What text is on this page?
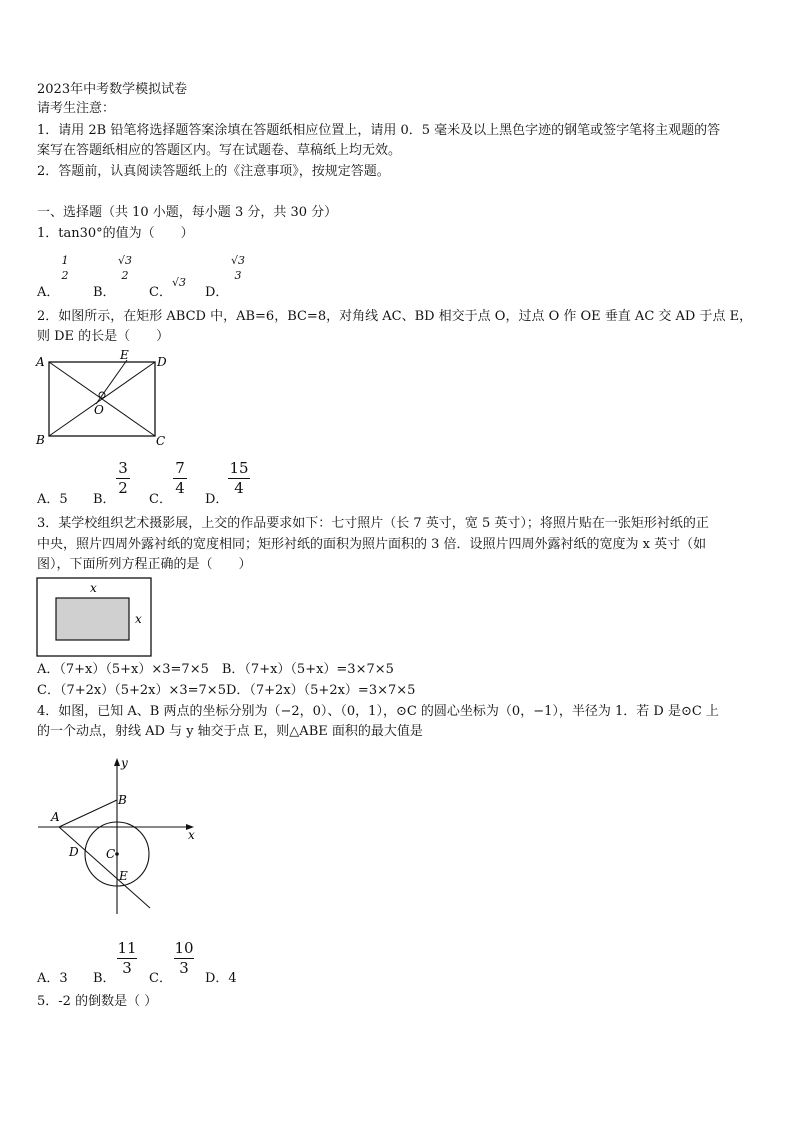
2023年中考数学模拟试卷
请考生注意：
1．请用 2B 铅笔将选择题答案涂填在答题纸相应位置上，请用 0．5 毫米及以上黑色字迹的钢笔或签字笔将主观题的答
案写在答题纸相应的答题区内。写在试题卷、草稿纸上均无效。
2．答题前，认真阅读答题纸上的《注意事项》，按规定答题。
一、选择题（共 10 小题，每小题 3 分，共 30 分）
1．tan30°的值为（　　）
A．
1
2
B．
√3
2
C．
√3
D．
√3
3
2．如图所示，在矩形 ABCD 中，AB=6，BC=8，对角线 AC、BD 相交于点 O，过点 O 作 OE 垂直 AC 交 AD 于点 E，
则 DE 的长是（　　）
A	E D
O
B	C
A．5 B．
3
2
C．
7
4
D．
15
4
3．某学校组织艺术摄影展，上交的作品要求如下：七寸照片（长 7 英寸，宽 5 英寸）；将照片贴在一张矩形衬纸的正
中央，照片四周外露衬纸的宽度相同；矩形衬纸的面积为照片面积的 3 倍．设照片四周外露衬纸的宽度为 x 英寸（如
图），下面所列方程正确的是（　　）
x
x
A．（7+x）（5+x）×3=7×5　B．（7+x）（5+x）=3×7×5
C．（7+2x）（5+2x）×3=7×5D．（7+2x）（5+2x）=3×7×5
4．如图，已知 A、B 两点的坐标分别为（−2，0）、（0，1），⊙C 的圆心坐标为（0，−1），半径为 1．若 D 是⊙C 上
的一个动点，射线 AD 与 y 轴交于点 E，则△ABE 面积的最大值是
x
y
A
B
C
D
E
A．3 B．
11
3
C．
10
3
D．4
5．-2 的倒数是（ ）
